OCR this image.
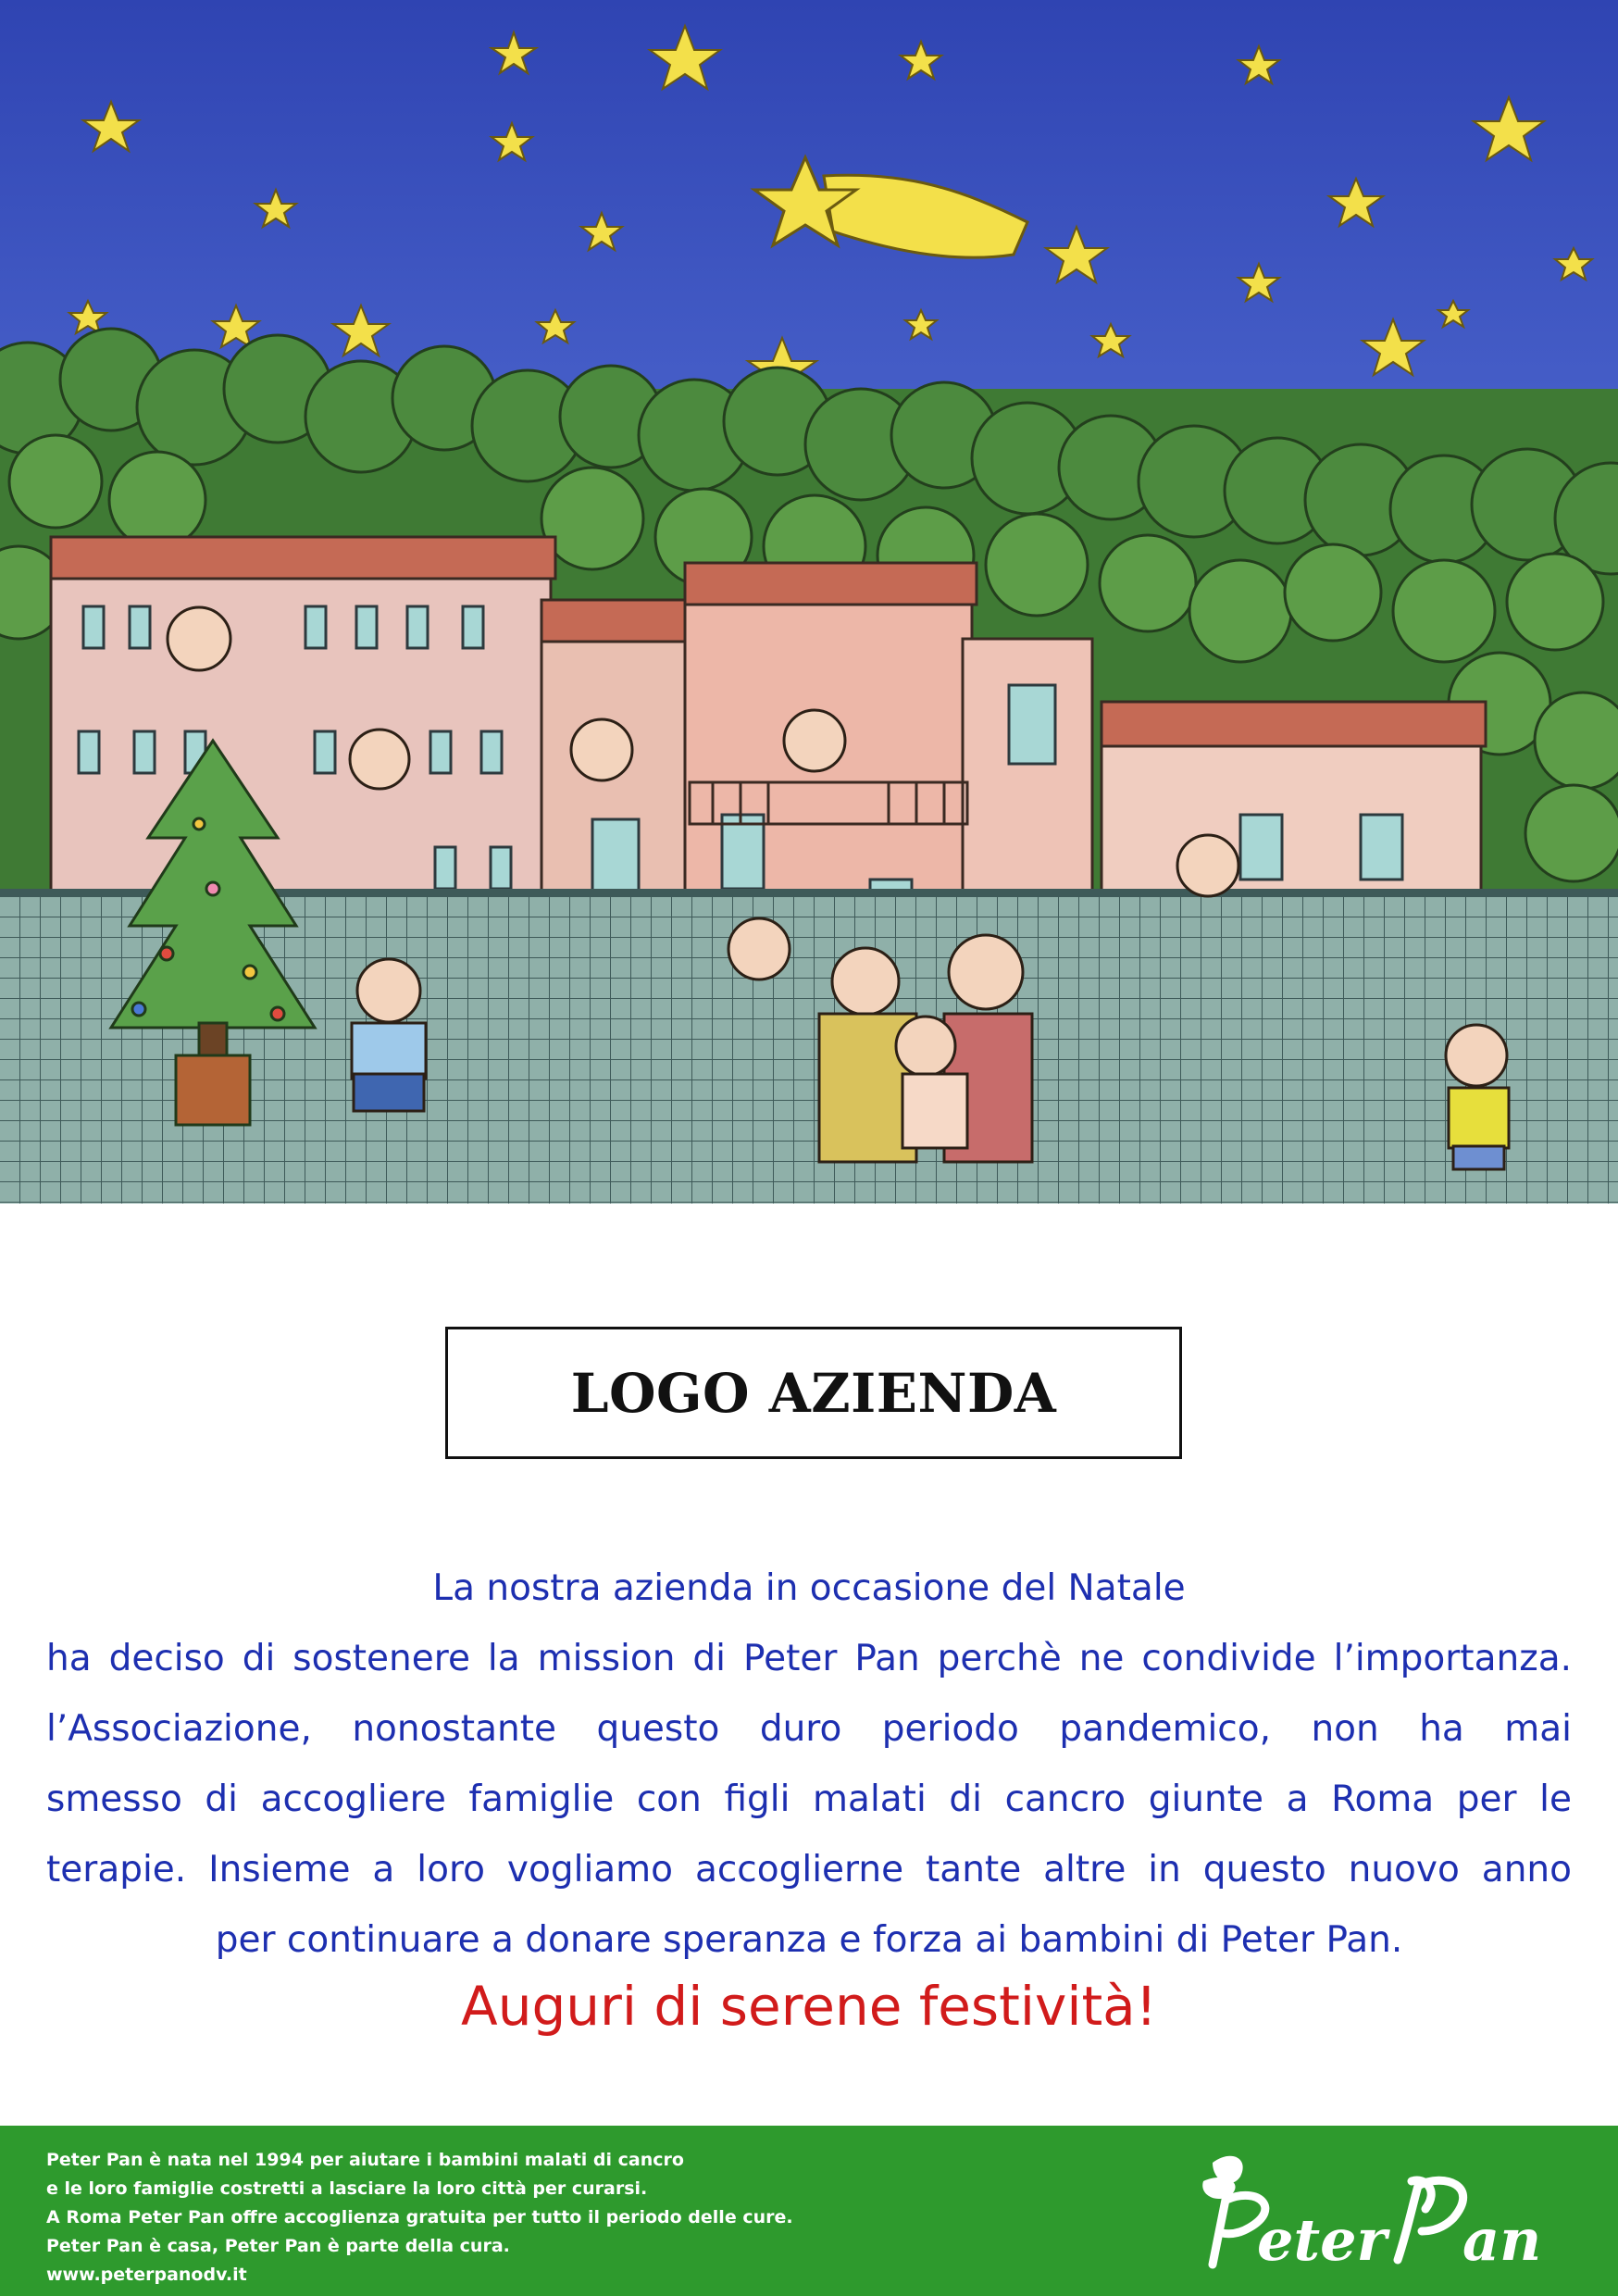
LOGO AZIENDA
La nostra azienda in occasione del Natale
ha deciso di sostenere la mission di Peter Pan perchè ne condivide l’importanza.
l’Associazione, nonostante questo duro periodo pandemico, non ha mai
smesso di accogliere famiglie con figli malati di cancro giunte a Roma per le
terapie. Insieme a loro vogliamo accoglierne tante altre in questo nuovo anno
per continuare a donare speranza e forza ai bambini di Peter Pan.
Auguri di serene festività!
Peter Pan è nata nel 1994 per aiutare i bambini malati di cancro
e le loro famiglie costretti a lasciare la loro città per curarsi.
A Roma Peter Pan offre accoglienza gratuita per tutto il periodo delle cure.
Peter Pan è casa, Peter Pan è parte della cura.
www.peterpanodv.it
eter an
